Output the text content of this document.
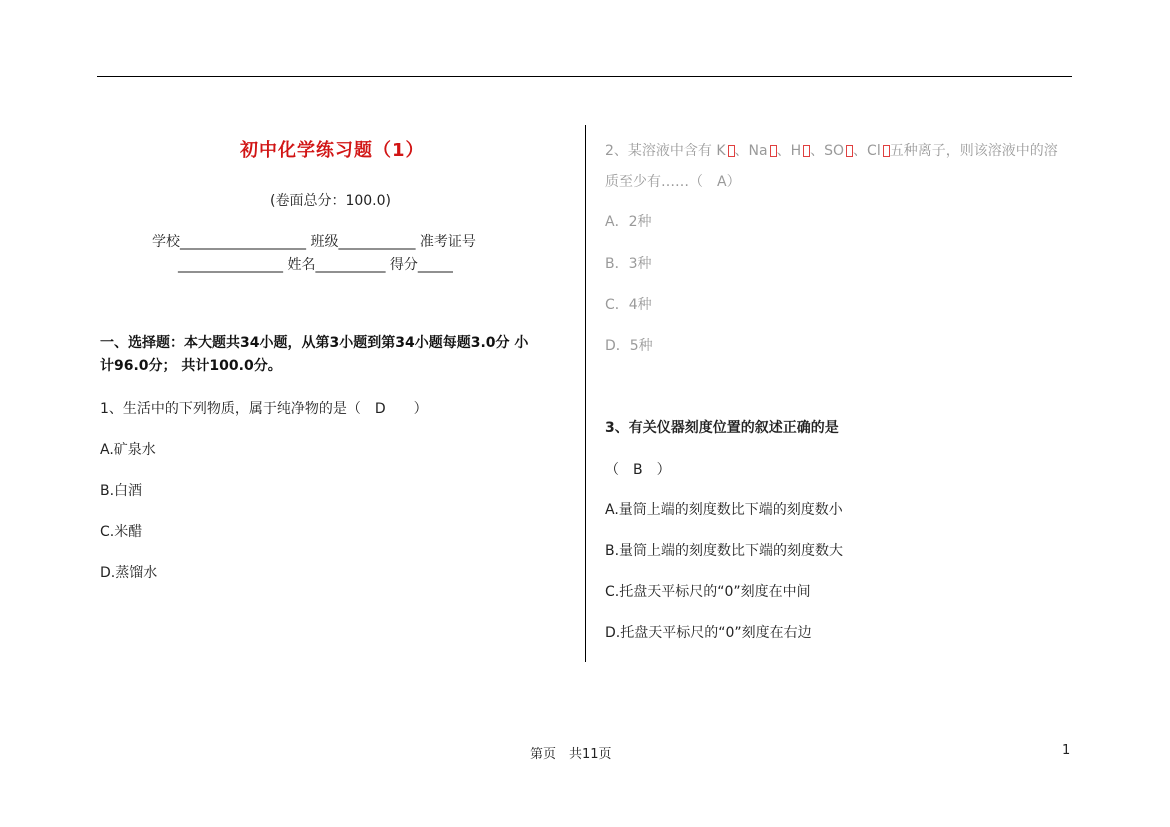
初中化学练习题（1）
(卷面总分：100.0)
学校__________________ 班级___________ 准考证号
_______________ 姓名__________ 得分_____
一、选择题：本大题共34小题，从第3小题到第34小题每题3.0分 小
计96.0分； 共计100.0分。
1、生活中的下列物质，属于纯净物的是（　D　　）
A.矿泉水
B.白酒
C.米醋
D.蒸馏水
2、某溶液中含有 K 、Na 、H 、SO 、Cl 五种离子，则该溶液中的溶
质至少有……（　A）
A．2种
B．3种
C．4种
D．5种
3、有关仪器刻度位置的叙述正确的是
（　B　）
A.量筒上端的刻度数比下端的刻度数小
B.量筒上端的刻度数比下端的刻度数大
C.托盘天平标尺的“0”刻度在中间
D.托盘天平标尺的“0”刻度在右边
第页　共11页	1
